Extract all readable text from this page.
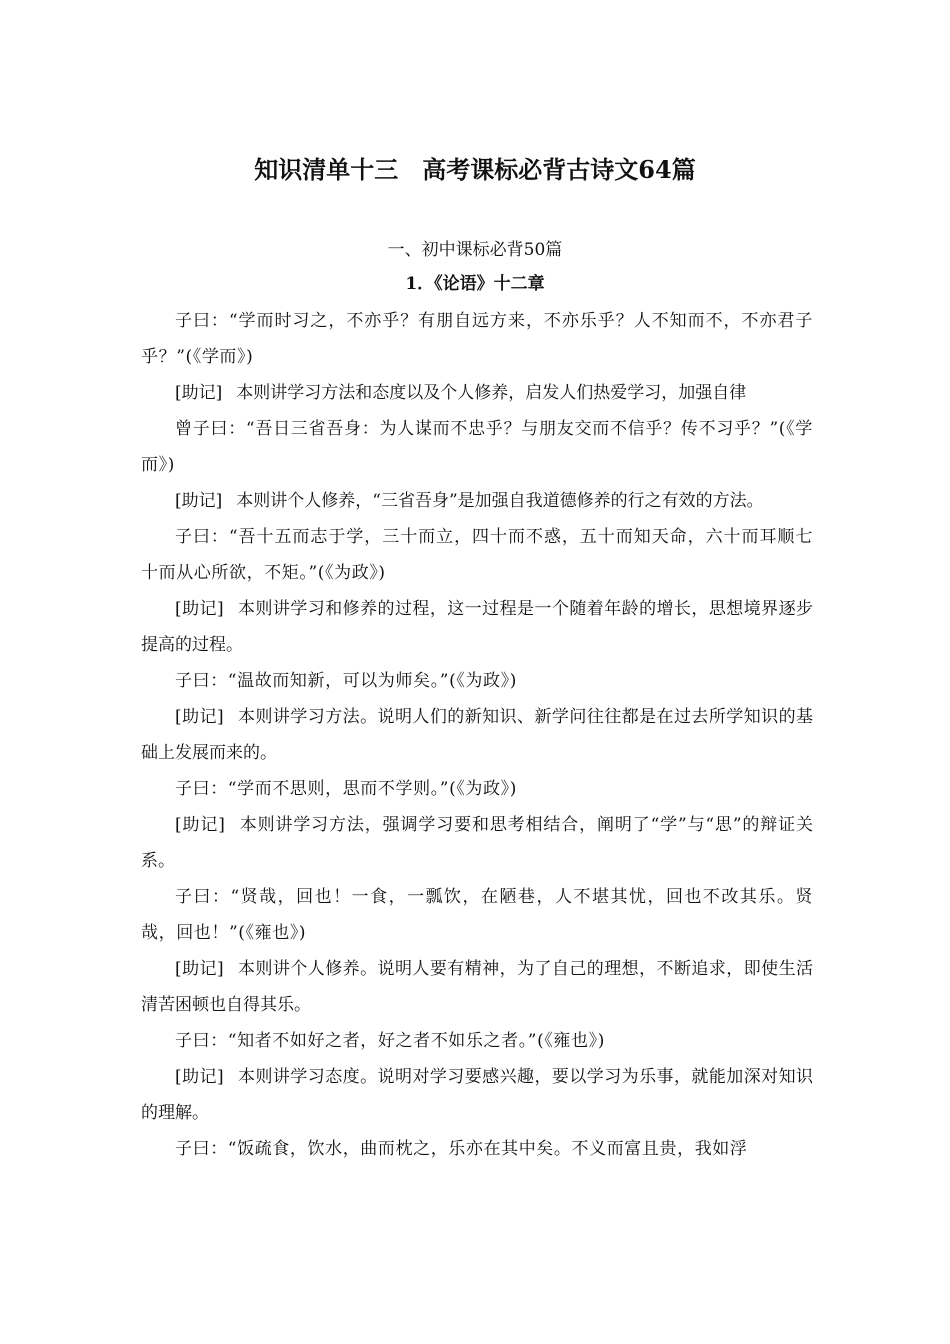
知识清单十三　高考课标必背古诗文64篇
一、初中课标必背50篇
1．《论语》十二章

子曰：“学而时习之，不亦乎？有朋自远方来，不亦乐乎？人不知而不，不亦君子乎？”(《学而》)

[助记] 本则讲学习方法和态度以及个人修养，启发人们热爱学习，加强自律

曾子曰：“吾日三省吾身：为人谋而不忠乎？与朋友交而不信乎？传不习乎？”(《学而》)

[助记] 本则讲个人修养，“三省吾身”是加强自我道德修养的行之有效的方法。

子曰：“吾十五而志于学，三十而立，四十而不惑，五十而知天命，六十而耳顺七十而从心所欲，不矩。”(《为政》)

[助记] 本则讲学习和修养的过程，这一过程是一个随着年龄的增长，思想境界逐步提高的过程。

子曰：“温故而知新，可以为师矣。”(《为政》)

[助记] 本则讲学习方法。说明人们的新知识、新学问往往都是在过去所学知识的基础上发展而来的。

子曰：“学而不思则，思而不学则。”(《为政》)

[助记] 本则讲学习方法，强调学习要和思考相结合，阐明了“学”与“思”的辩证关系。

子曰：“贤哉，回也！一食，一瓢饮，在陋巷，人不堪其忧，回也不改其乐。贤哉，回也！”(《雍也》)

[助记] 本则讲个人修养。说明人要有精神，为了自己的理想，不断追求，即使生活清苦困顿也自得其乐。

子曰：“知者不如好之者，好之者不如乐之者。”(《雍也》)

[助记] 本则讲学习态度。说明对学习要感兴趣，要以学习为乐事，就能加深对知识的理解。

子曰：“饭疏食，饮水，曲而枕之，乐亦在其中矣。不义而富且贵，我如浮
